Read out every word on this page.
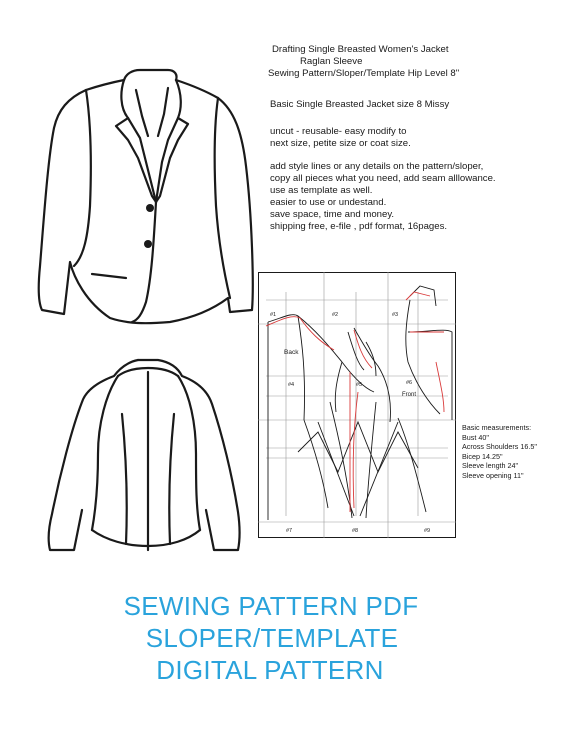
Drafting Single Breasted Women's Jacket
Raglan Sleeve
Sewing Pattern/Sloper/Template Hip Level 8"
Basic Single Breasted Jacket size 8 Missy
uncut - reusable- easy modify to
next size, petite size or coat size.
add style lines or any details on the pattern/sloper,
copy all pieces what you need, add seam alllowance.
use as template as well.
easier to use or undestand.
save space, time and money.
shipping free, e-file , pdf format, 16pages.
#1	#2	#3
#4	#5	#6
#7	#8	#9
Back
Front
Basic measurements:
Bust 40"
Across Shoulders 16.5"
Bicep 14.25"
Sleeve length 24"
Sleeve opening 11"
SEWING PATTERN PDF
SLOPER/TEMPLATE
DIGITAL PATTERN
